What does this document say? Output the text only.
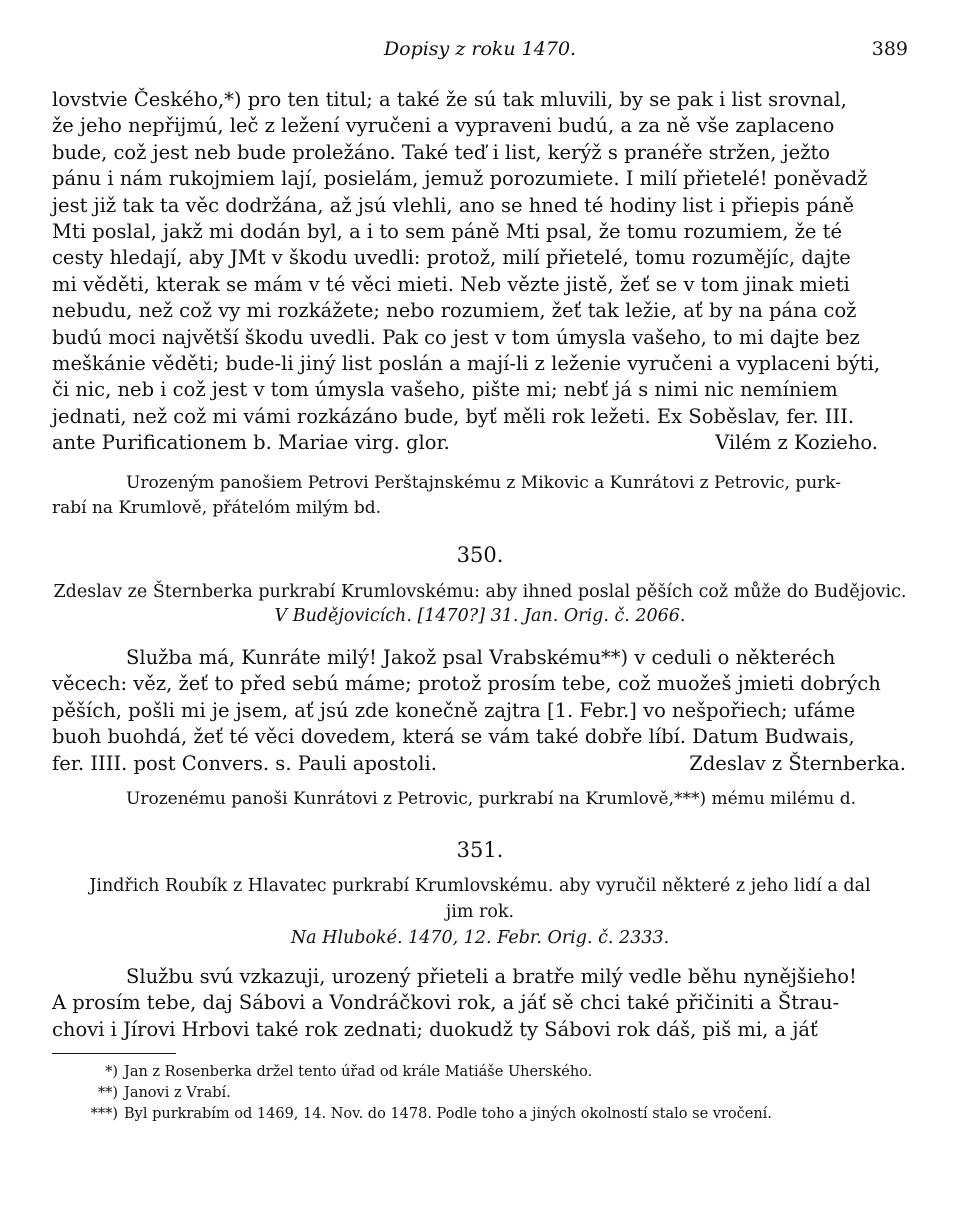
Dopisy z roku 1470.	389
lovstvie Českého,*) pro ten titul; a také že sú tak mluvili, by se pak i list srovnal,
že jeho nepřijmú, leč z ležení vyručeni a vypraveni budú, a za ně vše zaplaceno
bude, což jest neb bude proležáno. Také teď i list, kerýž s pranéře stržen, ježto
pánu i nám rukojmiem lají, posielám, jemuž porozumiete. I milí přietelé! poněvadž
jest již tak ta věc dodržána, až jsú vlehli, ano se hned té hodiny list i přiepis páně
Mti poslal, jakž mi dodán byl, a i to sem páně Mti psal, že tomu rozumiem, že té
cesty hledají, aby JMt v škodu uvedli: protož, milí přietelé, tomu rozumějíc, dajte
mi věděti, kterak se mám v té věci mieti. Neb vězte jistě, žeť se v tom jinak mieti
nebudu, než což vy mi rozkážete; nebo rozumiem, žeť tak ležie, ať by na pána což
budú moci najvětší škodu uvedli. Pak co jest v tom úmysla vašeho, to mi dajte bez
meškánie věděti; bude-li jiný list poslán a mají-li z leženie vyručeni a vyplaceni býti,
či nic, neb i což jest v tom úmysla vašeho, pište mi; nebť já s nimi nic nemíniem
jednati, než což mi vámi rozkázáno bude, byť měli rok ležeti. Ex Soběslav, fer. III.
ante Purificationem b. Mariae virg. glor.	Vilém z Kozieho.
Urozeným panošiem Petrovi Perštajnskému z Mikovic a Kunrátovi z Petrovic, purk-
rabí na Krumlově, přátelóm milým bd.
350.
Zdeslav ze Šternberka purkrabí Krumlovskému: aby ihned poslal pěších což může do Budějovic.
V Budějovicích. [1470?] 31. Jan. Orig. č. 2066.
Služba má, Kunráte milý! Jakož psal Vrabskému**) v ceduli o některéch
věcech: věz, žeť to před sebú máme; protož prosím tebe, což muožeš jmieti dobrých
pěších, pošli mi je jsem, ať jsú zde konečně zajtra [1. Febr.] vo nešpořiech; ufáme
buoh buohdá, žeť té věci dovedem, která se vám také dobře líbí. Datum Budwais,
fer. IIII. post Convers. s. Pauli apostoli.	Zdeslav z Šternberka.
Urozenému panoši Kunrátovi z Petrovic, purkrabí na Krumlově,***) mému milému d.
351.
Jindřich Roubík z Hlavatec purkrabí Krumlovskému. aby vyručil některé z jeho lidí a dal
jim rok.
Na Hluboké. 1470, 12. Febr. Orig. č. 2333.
Službu svú vzkazuji, urozený přieteli a bratře milý vedle běhu nynějšieho!
A prosím tebe, daj Sábovi a Vondráčkovi rok, a jáť sě chci také přičiniti a Štrau-
chovi i Jírovi Hrbovi také rok zednati; duokudž ty Sábovi rok dáš, piš mi, a jáť
*) Jan z Rosenberka držel tento úřad od krále Matiáše Uherského.
**) Janovi z Vrabí.
***) Byl purkrabím od 1469, 14. Nov. do 1478. Podle toho a jiných okolností stalo se vročení.
